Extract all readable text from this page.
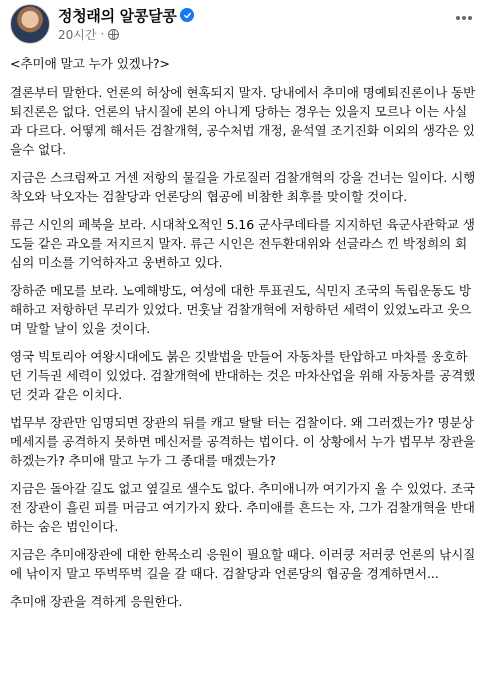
정청래의 알콩달콩
20시간 ·

<추미애 말고 누가 있겠나?>

결론부터 말한다. 언론의 허상에 현혹되지 말자. 당내에서 추미애 명예퇴진론이나 동반퇴진론은 없다. 언론의 낚시질에 본의 아니게 당하는 경우는 있을지 모르나 이는 사실과 다르다. 어떻게 해서든 검찰개혁, 공수처법 개정, 윤석열 조기진화 이외의 생각은 있을수 없다.

지금은 스크럼짜고 거센 저항의 물길을 가로질러 검찰개혁의 강을 건너는 일이다. 시행착오와 낙오자는 검찰당과 언론당의 협공에 비참한 최후를 맞이할 것이다.

류근 시인의 페북을 보라. 시대착오적인 5.16 군사쿠데타를 지지하던 육군사관학교 생도들 같은 과오를 저지르지 말자. 류근 시인은 전두환대위와 선글라스 낀 박정희의 회심의 미소를 기억하자고 웅변하고 있다.

장하준 메모를 보라. 노예해방도, 여성에 대한 투표권도, 식민지 조국의 독립운동도 방해하고 저항하던 무리가 있었다. 먼훗날 검찰개혁에 저항하던 세력이 있었노라고 웃으며 말할 날이 있을 것이다.

영국 빅토리아 여왕시대에도 붉은 깃발법을 만들어 자동차를 탄압하고 마차를 옹호하던 기득권 세력이 있었다. 검찰개혁에 반대하는 것은 마차산업을 위해 자동차를 공격했던 것과 같은 이치다.

법무부 장관만 임명되면 장관의 뒤를 캐고 탈탈 터는 검찰이다. 왜 그러겠는가? 명분상 메세지를 공격하지 못하면 메신저를 공격하는 법이다. 이 상황에서 누가 법무부 장관을 하겠는가? 추미애 말고 누가 그 종대를 매겠는가?

지금은 돌아갈 길도 없고 옆길로 샐수도 없다. 추미애니까 여기가지 올 수 있었다. 조국 전 장관이 흘린 피를 머금고 여기가지 왔다. 추미애를 흔드는 자, 그가 검찰개혁을 반대하는 숨은 범인이다.

지금은 추미애장관에 대한 한목소리 응원이 필요할 때다. 이러쿵 저러쿵 언론의 낚시질에 낚이지 말고 뚜벅뚜벅 길을 갈 때다. 검찰당과 언론당의 협공을 경계하면서...

추미애 장관을 격하게 응원한다.
